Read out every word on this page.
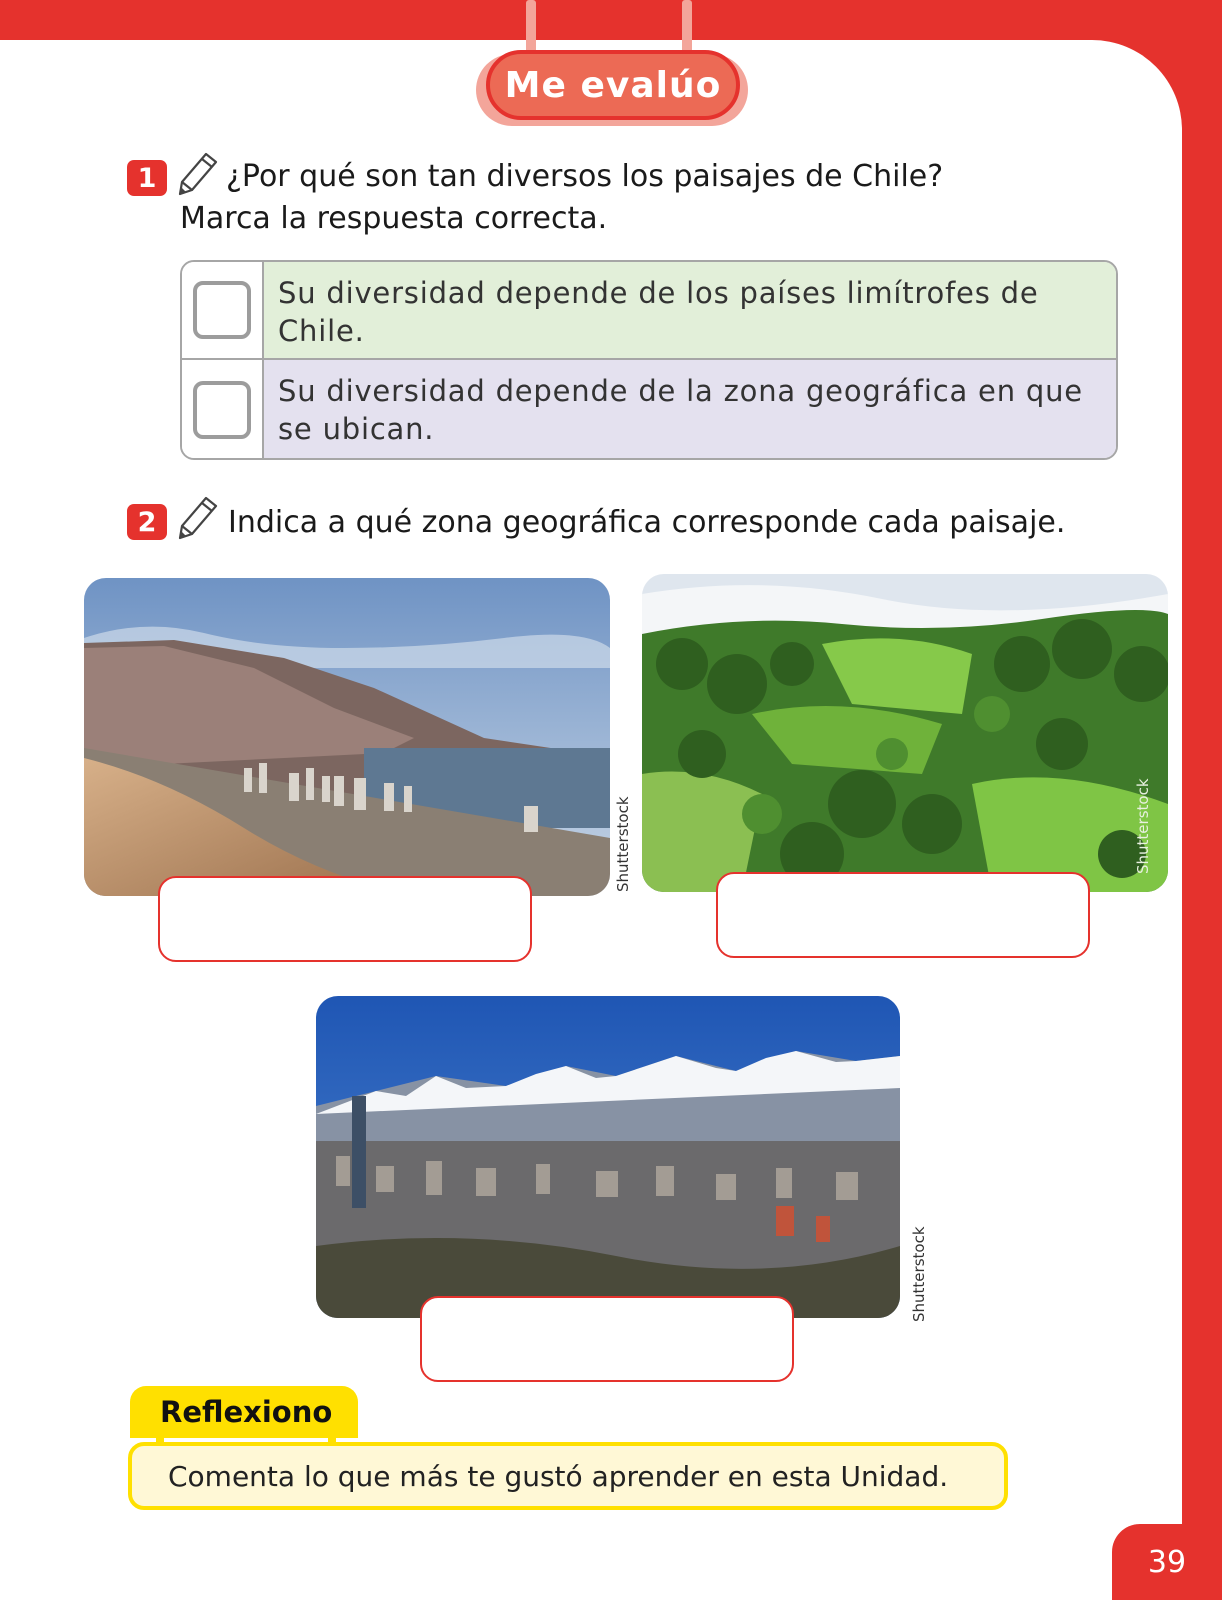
Me evalúo
1	¿Por qué son tan diversos los paisajes de Chile?
Marca la respuesta correcta.
Su diversidad depende de los países limítrofes de Chile.
Su diversidad depende de la zona geográfica en que se ubican.
2	Indica a qué zona geográfica corresponde cada paisaje.
Shutterstock	Shutterstock
Shutterstock
Reflexiono
Comenta lo que más te gustó aprender en esta Unidad.
39
